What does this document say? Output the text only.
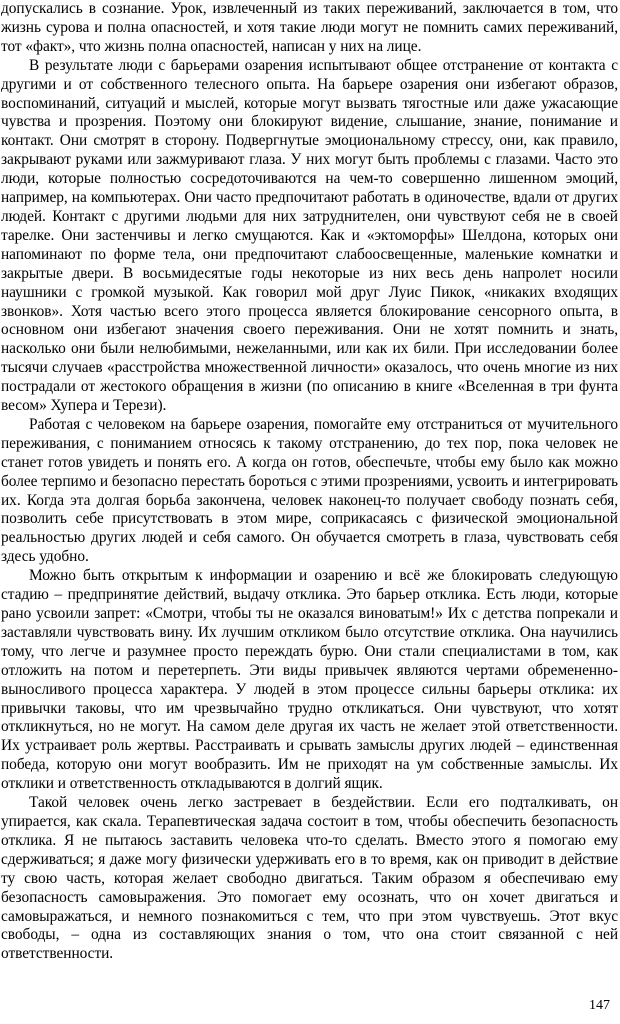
допускались в сознание. Урок, извлеченный из таких переживаний, заключается в том, что жизнь сурова и полна опасностей, и хотя такие люди могут не помнить самих переживаний, тот «факт», что жизнь полна опасностей, написан у них на лице.

В результате люди с барьерами озарения испытывают общее отстранение от контакта с другими и от собственного телесного опыта. На барьере озарения они избегают образов, воспоминаний, ситуаций и мыслей, которые могут вызвать тягостные или даже ужасающие чувства и прозрения. Поэтому они блокируют видение, слышание, знание, понимание и контакт. Они смотрят в сторону. Подвергнутые эмоциональному стрессу, они, как правило, закрывают руками или зажмуривают глаза. У них могут быть проблемы с глазами. Часто это люди, которые полностью сосредоточиваются на чем-то совершенно лишенном эмоций, например, на компьютерах. Они часто предпочитают работать в одиночестве, вдали от других людей. Контакт с другими людьми для них затруднителен, они чувствуют себя не в своей тарелке. Они застенчивы и легко смущаются. Как и «эктоморфы» Шелдона, которых они напоминают по форме тела, они предпочитают слабоосвещенные, маленькие комнатки и закрытые двери. В восьмидесятые годы некоторые из них весь день напролет носили наушники с громкой музыкой. Как говорил мой друг Луис Пикок, «никаких входящих звонков». Хотя частью всего этого процесса является блокирование сенсорного опыта, в основном они избегают значения своего переживания. Они не хотят помнить и знать, насколько они были нелюбимыми, нежеланными, или как их били. При исследовании более тысячи случаев «расстройства множественной личности» оказалось, что очень многие из них пострадали от жестокого обращения в жизни (по описанию в книге «Вселенная в три фунта весом» Хупера и Терези).

Работая с человеком на барьере озарения, помогайте ему отстраниться от мучительного переживания, с пониманием относясь к такому отстранению, до тех пор, пока человек не станет готов увидеть и понять его. А когда он готов, обеспечьте, чтобы ему было как можно более терпимо и безопасно перестать бороться с этими прозрениями, усвоить и интегрировать их. Когда эта долгая борьба закончена, человек наконец-то получает свободу познать себя, позволить себе присутствовать в этом мире, соприкасаясь с физической эмоциональной реальностью других людей и себя самого. Он обучается смотреть в глаза, чувствовать себя здесь удобно.

Можно быть открытым к информации и озарению и всё же блокировать следующую стадию – предпринятие действий, выдачу отклика. Это барьер отклика. Есть люди, которые рано усвоили запрет: «Смотри, чтобы ты не оказался виноватым!» Их с детства попрекали и заставляли чувствовать вину. Их лучшим откликом было отсутствие отклика. Она научились тому, что легче и разумнее просто переждать бурю. Они стали специалистами в том, как отложить на потом и перетерпеть. Эти виды привычек являются чертами обремененно-выносливого процесса характера. У людей в этом процессе сильны барьеры отклика: их привычки таковы, что им чрезвычайно трудно откликаться. Они чувствуют, что хотят откликнуться, но не могут. На самом деле другая их часть не желает этой ответственности. Их устраивает роль жертвы. Расстраивать и срывать замыслы других людей – единственная победа, которую они могут вообразить. Им не приходят на ум собственные замыслы. Их отклики и ответственность откладываются в долгий ящик.

Такой человек очень легко застревает в бездействии. Если его подталкивать, он упирается, как скала. Терапевтическая задача состоит в том, чтобы обеспечить безопасность отклика. Я не пытаюсь заставить человека что-то сделать. Вместо этого я помогаю ему сдерживаться; я даже могу физически удерживать его в то время, как он приводит в действие ту свою часть, которая желает свободно двигаться. Таким образом я обеспечиваю ему безопасность самовыражения. Это помогает ему осознать, что он хочет двигаться и самовыражаться, и немного познакомиться с тем, что при этом чувствуешь. Этот вкус свободы, – одна из составляющих знания о том, что она стоит связанной с ней ответственности.

147
